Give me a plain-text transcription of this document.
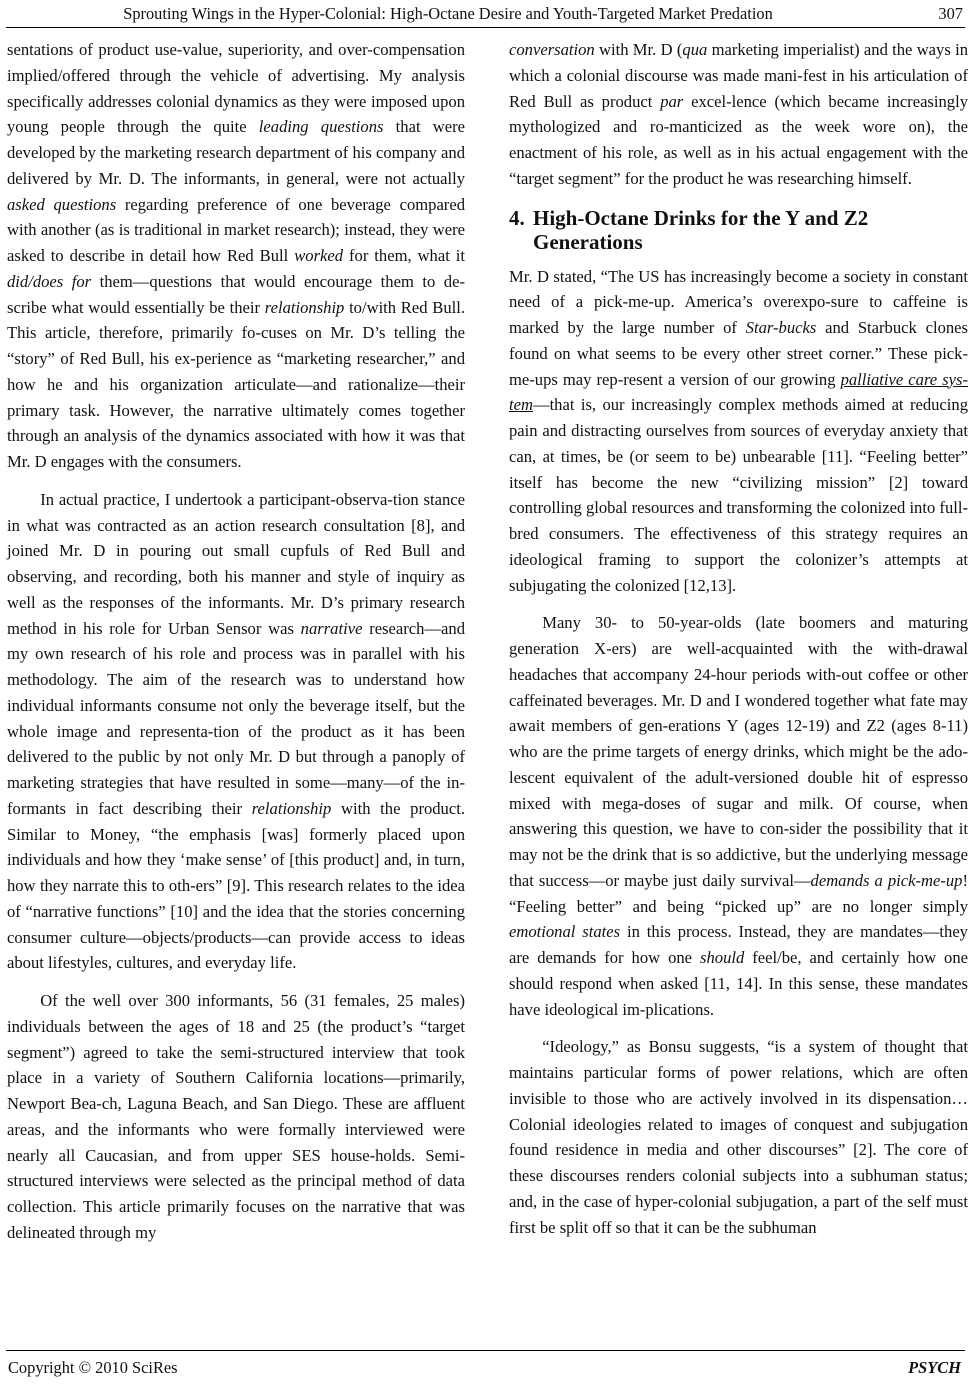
Sprouting Wings in the Hyper-Colonial: High-Octane Desire and Youth-Targeted Market Predation	307

sentations of product use-value, superiority, and over-compensation implied/offered through the vehicle of advertising. My analysis specifically addresses colonial dynamics as they were imposed upon young people through the quite leading questions that were developed by the marketing research department of his company and delivered by Mr. D. The informants, in general, were not actually asked questions regarding preference of one beverage compared with another (as is traditional in market research); instead, they were asked to describe in detail how Red Bull worked for them, what it did/does for them—questions that would encourage them to de-scribe what would essentially be their relationship to/with Red Bull. This article, therefore, primarily fo-cuses on Mr. D’s telling the “story” of Red Bull, his ex-perience as “marketing researcher,” and how he and his organization articulate—and rationalize—their primary task. However, the narrative ultimately comes together through an analysis of the dynamics associated with how it was that Mr. D engages with the consumers.

In actual practice, I undertook a participant-observa-tion stance in what was contracted as an action research consultation [8], and joined Mr. D in pouring out small cupfuls of Red Bull and observing, and recording, both his manner and style of inquiry as well as the responses of the informants. Mr. D’s primary research method in his role for Urban Sensor was narrative research—and my own research of his role and process was in parallel with his methodology. The aim of the research was to understand how individual informants consume not only the beverage itself, but the whole image and representa-tion of the product as it has been delivered to the public by not only Mr. D but through a panoply of marketing strategies that have resulted in some—many—of the in-formants in fact describing their relationship with the product. Similar to Money, “the emphasis [was] formerly placed upon individuals and how they ‘make sense’ of [this product] and, in turn, how they narrate this to oth-ers” [9]. This research relates to the idea of “narrative functions” [10] and the idea that the stories concerning consumer culture—objects/products—can provide access to ideas about lifestyles, cultures, and everyday life.

Of the well over 300 informants, 56 (31 females, 25 males) individuals between the ages of 18 and 25 (the product’s “target segment”) agreed to take the semi-structured interview that took place in a variety of Southern California locations—primarily, Newport Bea-ch, Laguna Beach, and San Diego. These are affluent areas, and the informants who were formally interviewed were nearly all Caucasian, and from upper SES house-holds. Semi-structured interviews were selected as the principal method of data collection. This article primarily focuses on the narrative that was delineated through my

conversation with Mr. D (qua marketing imperialist) and the ways in which a colonial discourse was made mani-fest in his articulation of Red Bull as product par excel-lence (which became increasingly mythologized and ro-manticized as the week wore on), the enactment of his role, as well as in his actual engagement with the “target segment” for the product he was researching himself.

4. High-Octane Drinks for the Y and Z2
Generations

Mr. D stated, “The US has increasingly become a society in constant need of a pick-me-up. America’s overexpo-sure to caffeine is marked by the large number of Star-bucks and Starbuck clones found on what seems to be every other street corner.” These pick-me-ups may rep-resent a version of our growing palliative care sys-tem—that is, our increasingly complex methods aimed at reducing pain and distracting ourselves from sources of everyday anxiety that can, at times, be (or seem to be) unbearable [11]. “Feeling better” itself has become the new “civilizing mission” [2] toward controlling global resources and transforming the colonized into full-bred consumers. The effectiveness of this strategy requires an ideological framing to support the colonizer’s attempts at subjugating the colonized [12,13].

Many 30- to 50-year-olds (late boomers and maturing generation X-ers) are well-acquainted with the with-drawal headaches that accompany 24-hour periods with-out coffee or other caffeinated beverages. Mr. D and I wondered together what fate may await members of gen-erations Y (ages 12-19) and Z2 (ages 8-11) who are the prime targets of energy drinks, which might be the ado-lescent equivalent of the adult-versioned double hit of espresso mixed with mega-doses of sugar and milk. Of course, when answering this question, we have to con-sider the possibility that it may not be the drink that is so addictive, but the underlying message that success—or maybe just daily survival—demands a pick-me-up! “Feeling better” and being “picked up” are no longer simply emotional states in this process. Instead, they are mandates—they are demands for how one should feel/be, and certainly how one should respond when asked [11, 14]. In this sense, these mandates have ideological im-plications.

“Ideology,” as Bonsu suggests, “is a system of thought that maintains particular forms of power relations, which are often invisible to those who are actively involved in its dispensation…Colonial ideologies related to images of conquest and subjugation found residence in media and other discourses” [2]. The core of these discourses renders colonial subjects into a subhuman status; and, in the case of hyper-colonial subjugation, a part of the self must first be split off so that it can be the subhuman

Copyright © 2010 SciRes	PSYCH
